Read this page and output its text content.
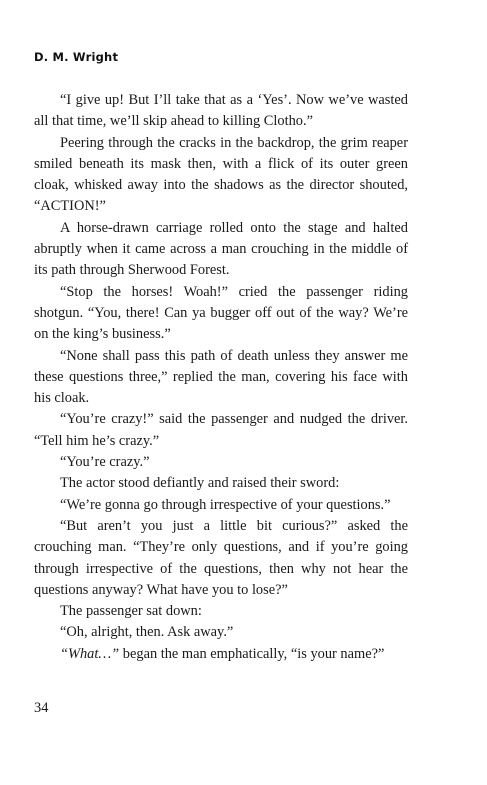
D. M. Wright

“I give up! But I’ll take that as a ‘Yes’. Now we’ve wasted all that time, we’ll skip ahead to killing Clotho.”

Peering through the cracks in the backdrop, the grim reaper smiled beneath its mask then, with a flick of its outer green cloak, whisked away into the shadows as the director shouted, “ACTION!”

A horse-drawn carriage rolled onto the stage and halted abruptly when it came across a man crouching in the middle of its path through Sherwood Forest.

“Stop the horses! Woah!” cried the passenger riding shotgun. “You, there! Can ya bugger off out of the way? We’re on the king’s business.”

“None shall pass this path of death unless they answer me these questions three,” replied the man, covering his face with his cloak.

“You’re crazy!” said the passenger and nudged the driver. “Tell him he’s crazy.”

“You’re crazy.”

The actor stood defiantly and raised their sword:

“We’re gonna go through irrespective of your questions.”

“But aren’t you just a little bit curious?” asked the crouching man. “They’re only questions, and if you’re going through irrespective of the questions, then why not hear the questions anyway? What have you to lose?”

The passenger sat down:

“Oh, alright, then. Ask away.”

“What…” began the man emphatically, “is your name?”

34
